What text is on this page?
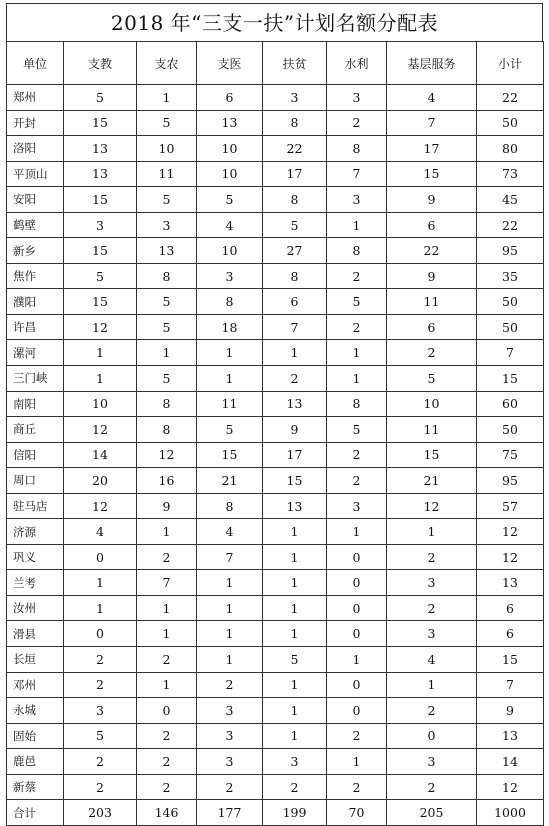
2018 年“三支一扶”计划名额分配表
单位	支教	支农	支医	扶贫	水利	基层服务	小计
郑州	5	1	6	3	3	4	22
开封	15	5	13	8	2	7	50
洛阳	13	10	10	22	8	17	80
平顶山	13	11	10	17	7	15	73
安阳	15	5	5	8	3	9	45
鹤壁	3	3	4	5	1	6	22
新乡	15	13	10	27	8	22	95
焦作	5	8	3	8	2	9	35
濮阳	15	5	8	6	5	11	50
许昌	12	5	18	7	2	6	50
漯河	1	1	1	1	1	2	7
三门峡	1	5	1	2	1	5	15
南阳	10	8	11	13	8	10	60
商丘	12	8	5	9	5	11	50
信阳	14	12	15	17	2	15	75
周口	20	16	21	15	2	21	95
驻马店	12	9	8	13	3	12	57
济源	4	1	4	1	1	1	12
巩义	0	2	7	1	0	2	12
兰考	1	7	1	1	0	3	13
汝州	1	1	1	1	0	2	6
滑县	0	1	1	1	0	3	6
长垣	2	2	1	5	1	4	15
邓州	2	1	2	1	0	1	7
永城	3	0	3	1	0	2	9
固始	5	2	3	1	2	0	13
鹿邑	2	2	3	3	1	3	14
新蔡	2	2	2	2	2	2	12
合计	203	146	177	199	70	205	1000
